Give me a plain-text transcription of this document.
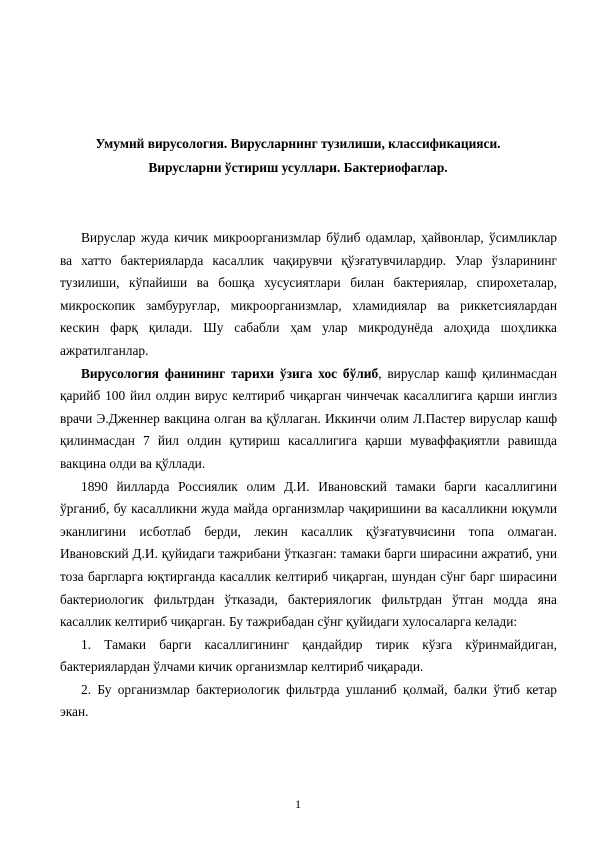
Умумий вирусология. Вирусларнинг тузилиши, классификацияси.
Вирусларни ўстириш усуллари. Бактериофаглар.

Вируслар жуда кичик микроорганизмлар бўлиб одамлар, ҳайвонлар, ўсимликлар ва хатто бактерияларда касаллик чақирувчи қўзғатувчилардир. Улар ўзларининг тузилиши, кўпайиши ва бошқа хусусиятлари билан бактериялар, спирохеталар, микроскопик замбуруғлар, микроорганизмлар, хламидиялар ва риккетсиялардан кескин фарқ қилади. Шу сабабли ҳам улар микродунёда алоҳида шоҳликка ажратилганлар.

Вирусология фанининг тарихи ўзига хос бўлиб, вируслар кашф қилинмасдан қарийб 100 йил олдин вирус келтириб чиқарган чинчечак касаллигига қарши инглиз врачи Э.Дженнер вакцина олган ва қўллаган. Иккинчи олим Л.Пастер вируслар кашф қилинмасдан 7 йил олдин қутириш касаллигига қарши муваффақиятли равишда вакцина олди ва қўллади.

1890 йилларда Россиялик олим Д.И. Ивановский тамаки барги касаллигини ўрганиб, бу касалликни жуда майда организмлар чақиришини ва касалликни юқумли эканлигини исботлаб берди, лекин касаллик қўзғатувчисини топа олмаган. Ивановский Д.И. қуйидаги тажрибани ўтказган: тамаки барги ширасини ажратиб, уни тоза баргларга юқтирганда касаллик келтириб чиқарган, шундан сўнг барг ширасини бактериологик фильтрдан ўтказади, бактериялогик фильтрдан ўтган модда яна касаллик келтириб чиқарган. Бу тажрибадан сўнг қуйидаги хулосаларга келади:

1. Тамаки барги касаллигининг қандайдир тирик кўзга кўринмайдиган, бактериялардан ўлчами кичик организмлар келтириб чиқаради.

2. Бу организмлар бактериологик фильтрда ушланиб қолмай, балки ўтиб кетар экан.

1
